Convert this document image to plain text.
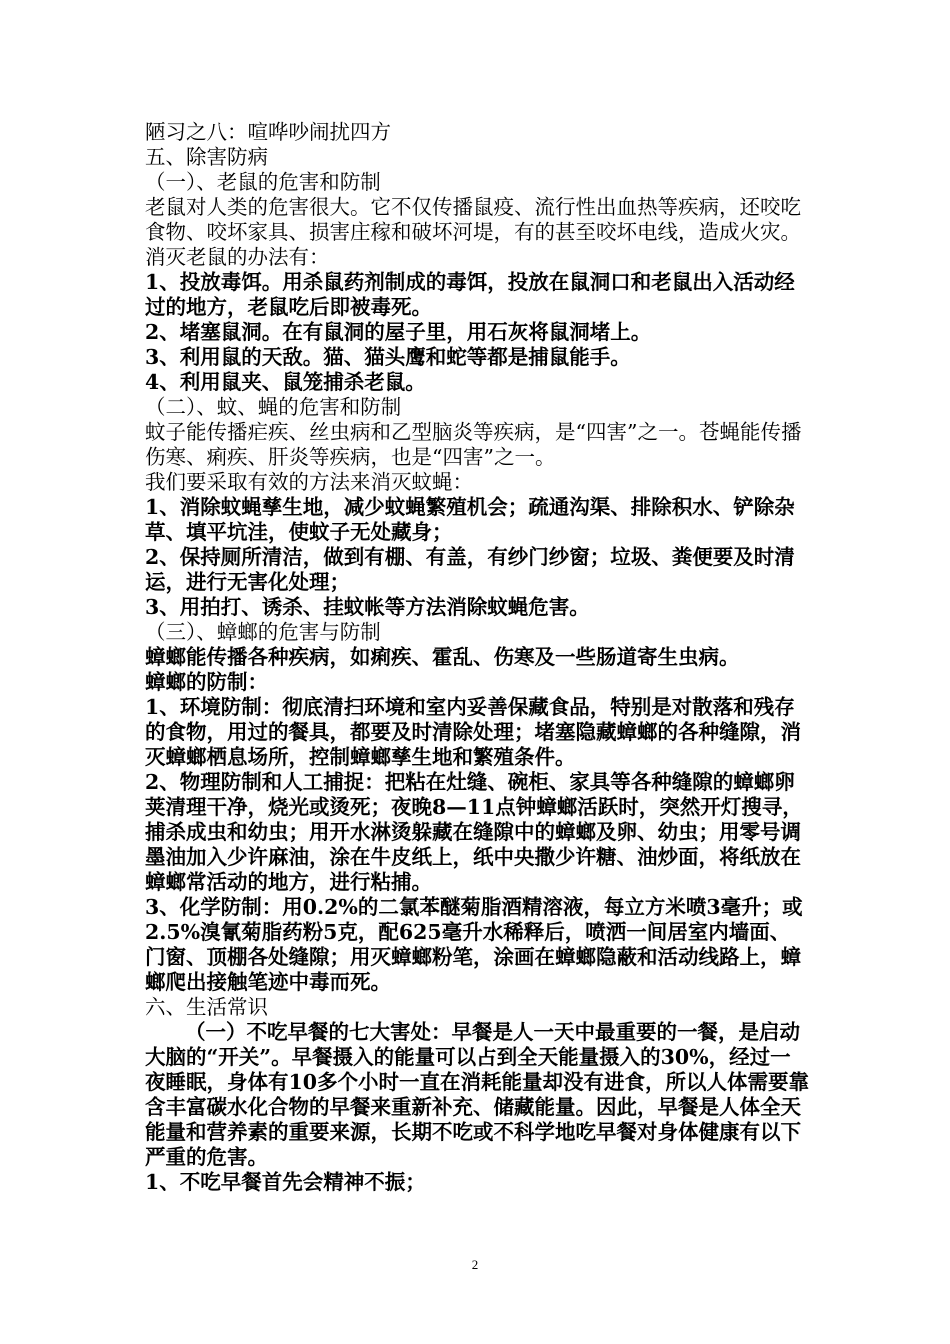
陋习之八：喧哗吵闹扰四方

五、除害防病

（一）、老鼠的危害和防制

老鼠对人类的危害很大。它不仅传播鼠疫、流行性出血热等疾病，还咬吃食物、咬坏家具、损害庄稼和破坏河堤，有的甚至咬坏电线，造成火灾。

消灭老鼠的办法有：

1、投放毒饵。用杀鼠药剂制成的毒饵，投放在鼠洞口和老鼠出入活动经过的地方，老鼠吃后即被毒死。

2、堵塞鼠洞。在有鼠洞的屋子里，用石灰将鼠洞堵上。

3、利用鼠的天敌。猫、猫头鹰和蛇等都是捕鼠能手。

4、利用鼠夹、鼠笼捕杀老鼠。

（二）、蚊、蝇的危害和防制

蚊子能传播疟疾、丝虫病和乙型脑炎等疾病，是“四害”之一。苍蝇能传播伤寒、痢疾、肝炎等疾病，也是“四害”之一。

我们要采取有效的方法来消灭蚊蝇：

1、消除蚊蝇孳生地，减少蚊蝇繁殖机会；疏通沟渠、排除积水、铲除杂草、填平坑洼，使蚊子无处藏身；

2、保持厕所清洁，做到有棚、有盖，有纱门纱窗；垃圾、粪便要及时清运，进行无害化处理；

3、用拍打、诱杀、挂蚊帐等方法消除蚊蝇危害。

（三）、蟑螂的危害与防制

蟑螂能传播各种疾病，如痢疾、霍乱、伤寒及一些肠道寄生虫病。

蟑螂的防制：

1、环境防制：彻底清扫环境和室内妥善保藏食品，特别是对散落和残存的食物，用过的餐具，都要及时清除处理；堵塞隐藏蟑螂的各种缝隙，消灭蟑螂栖息场所，控制蟑螂孳生地和繁殖条件。

2、物理防制和人工捕捉：把粘在灶缝、碗柜、家具等各种缝隙的蟑螂卵荚清理干净，烧光或烫死；夜晚8—11点钟蟑螂活跃时，突然开灯搜寻，捕杀成虫和幼虫；用开水淋烫躲藏在缝隙中的蟑螂及卵、幼虫；用零号调墨油加入少许麻油，涂在牛皮纸上，纸中央撒少许糖、油炒面，将纸放在蟑螂常活动的地方，进行粘捕。

3、化学防制：用0.2%的二氯苯醚菊脂酒精溶液，每立方米喷3毫升；或2.5%溴氰菊脂药粉5克，配625毫升水稀释后，喷洒一间居室内墙面、门窗、顶棚各处缝隙；用灭蟑螂粉笔，涂画在蟑螂隐蔽和活动线路上，蟑螂爬出接触笔迹中毒而死。

六、生活常识

（一）不吃早餐的七大害处：早餐是人一天中最重要的一餐，是启动大脑的“开关”。早餐摄入的能量可以占到全天能量摄入的30%，经过一夜睡眠，身体有10多个小时一直在消耗能量却没有进食，所以人体需要靠含丰富碳水化合物的早餐来重新补充、储藏能量。因此，早餐是人体全天能量和营养素的重要来源，长期不吃或不科学地吃早餐对身体健康有以下严重的危害。

1、不吃早餐首先会精神不振；

2
